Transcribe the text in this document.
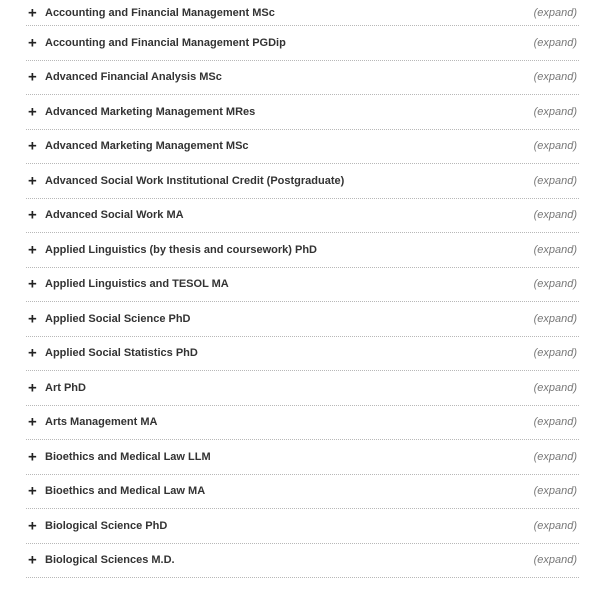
+ Accounting and Financial Management MSc	(expand)
+ Accounting and Financial Management PGDip	(expand)
+ Advanced Financial Analysis MSc	(expand)
+ Advanced Marketing Management MRes	(expand)
+ Advanced Marketing Management MSc	(expand)
+ Advanced Social Work Institutional Credit (Postgraduate)	(expand)
+ Advanced Social Work MA	(expand)
+ Applied Linguistics (by thesis and coursework) PhD	(expand)
+ Applied Linguistics and TESOL MA	(expand)
+ Applied Social Science PhD	(expand)
+ Applied Social Statistics PhD	(expand)
+ Art PhD	(expand)
+ Arts Management MA	(expand)
+ Bioethics and Medical Law LLM	(expand)
+ Bioethics and Medical Law MA	(expand)
+ Biological Science PhD	(expand)
+ Biological Sciences M.D.	(expand)
